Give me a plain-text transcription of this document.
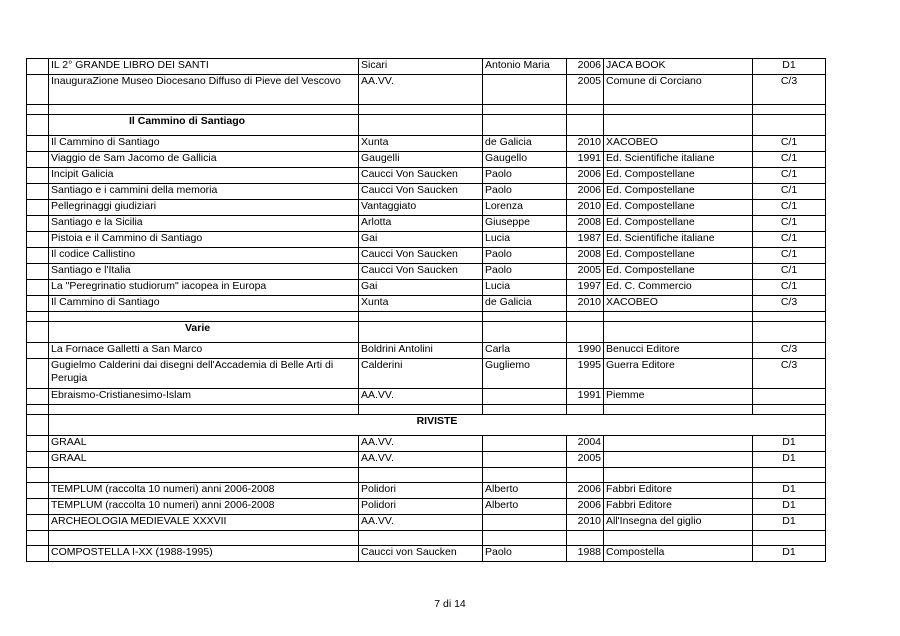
	IL 2° GRANDE LIBRO DEI SANTI	Sicari	Antonio Maria	2006	JACA BOOK	D1
	InauguraZione Museo Diocesano Diffuso di Pieve del Vescovo	AA.VV.		2005	Comune di Corciano	C/3

	Il Cammino di Santiago					
	Il Cammino di Santiago	Xunta	de Galicia	2010	XACOBEO	C/1
	Viaggio de Sam Jacomo de Gallicia	Gaugelli	Gaugello	1991	Ed. Scientifiche italiane	C/1
	Incipit Galicia	Caucci Von Saucken	Paolo	2006	Ed. Compostellane	C/1
	Santiago e i cammini della memoria	Caucci Von Saucken	Paolo	2006	Ed. Compostellane	C/1
	Pellegrinaggi giudiziari	Vantaggiato	Lorenza	2010	Ed. Compostellane	C/1
	Santiago e la Sicilia	Arlotta	Giuseppe	2008	Ed. Compostellane	C/1
	Pistoia e il Cammino di Santiago	Gai	Lucia	1987	Ed. Scientifiche italiane	C/1
	Il codice Callistino	Caucci Von Saucken	Paolo	2008	Ed. Compostellane	C/1
	Santiago e l'Italia	Caucci Von Saucken	Paolo	2005	Ed. Compostellane	C/1
	La "Peregrinatio studiorum" iacopea in Europa	Gai	Lucia	1997	Ed. C. Commercio	C/1
	Il Cammino di Santiago	Xunta	de Galicia	2010	XACOBEO	C/3

	Varie					
	La Fornace Galletti a San Marco	Boldrini Antolini	Carla	1990	Benucci Editore	C/3
	Gugielmo Calderini dai disegni dell'Accademia di Belle Arti di Perugia	Calderini	Gugliemo	1995	Guerra Editore	C/3
	Ebraismo-Cristianesimo-Islam	AA.VV.		1991	Piemme	

	RIVISTE					
	GRAAL	AA.VV.		2004		D1
	GRAAL	AA.VV.		2005		D1

	TEMPLUM (raccolta 10 numeri) anni 2006-2008	Polidori	Alberto	2006	Fabbri Editore	D1
	TEMPLUM (raccolta 10 numeri) anni 2006-2008	Polidori	Alberto	2006	Fabbri Editore	D1
	ARCHEOLOGIA MEDIEVALE XXXVII	AA.VV.		2010	All'Insegna del giglio	D1

	COMPOSTELLA I-XX (1988-1995)	Caucci von Saucken	Paolo	1988	Compostella	D1
7 di 14
